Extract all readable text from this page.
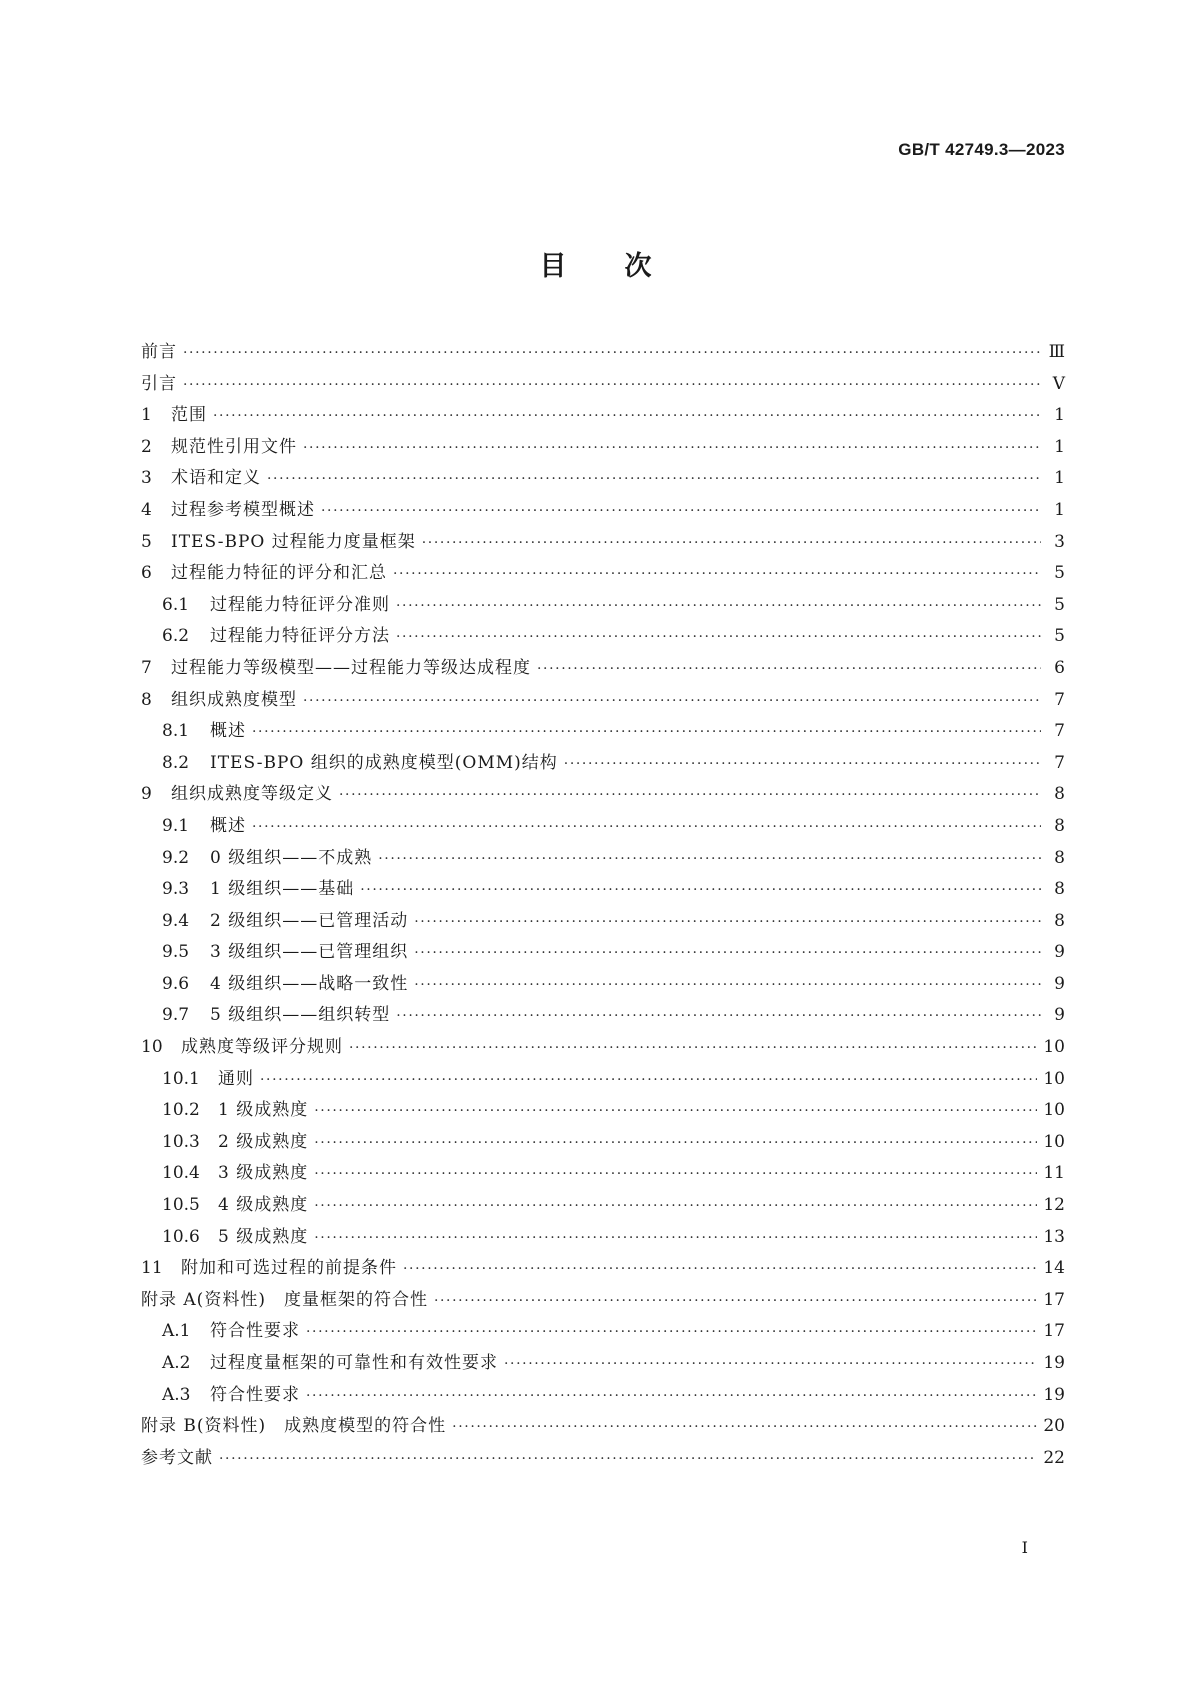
GB/T 42749.3—2023
目次
前言 ·····	Ⅲ
引言 ·····	Ⅴ
1	范围 ·····	1
2	规范性引用文件 ·····	1
3	术语和定义 ·····	1
4	过程参考模型概述 ·····	1
5	ITES-BPO 过程能力度量框架 ·····	3
6	过程能力特征的评分和汇总 ·····	5
6.1	过程能力特征评分准则 ·····	5
6.2	过程能力特征评分方法 ·····	5
7	过程能力等级模型——过程能力等级达成程度 ·····	6
8	组织成熟度模型 ·····	7
8.1	概述 ·····	7
8.2	ITES-BPO 组织的成熟度模型(OMM)结构 ·····	7
9	组织成熟度等级定义 ·····	8
9.1	概述 ·····	8
9.2	0 级组织——不成熟 ·····	8
9.3	1 级组织——基础 ·····	8
9.4	2 级组织——已管理活动 ·····	8
9.5	3 级组织——已管理组织 ·····	9
9.6	4 级组织——战略一致性 ·····	9
9.7	5 级组织——组织转型 ·····	9
10	成熟度等级评分规则 ·····	10
10.1	通则 ·····	10
10.2	1 级成熟度 ·····	10
10.3	2 级成熟度 ·····	10
10.4	3 级成熟度 ·····	11
10.5	4 级成熟度 ·····	12
10.6	5 级成熟度 ·····	13
11	附加和可选过程的前提条件 ·····	14
附录 A(资料性)　度量框架的符合性 ·····	17
A.1	符合性要求 ·····	17
A.2	过程度量框架的可靠性和有效性要求 ·····	19
A.3	符合性要求 ·····	19
附录 B(资料性)　成熟度模型的符合性 ·····	20
参考文献 ·····	22
Ⅰ
